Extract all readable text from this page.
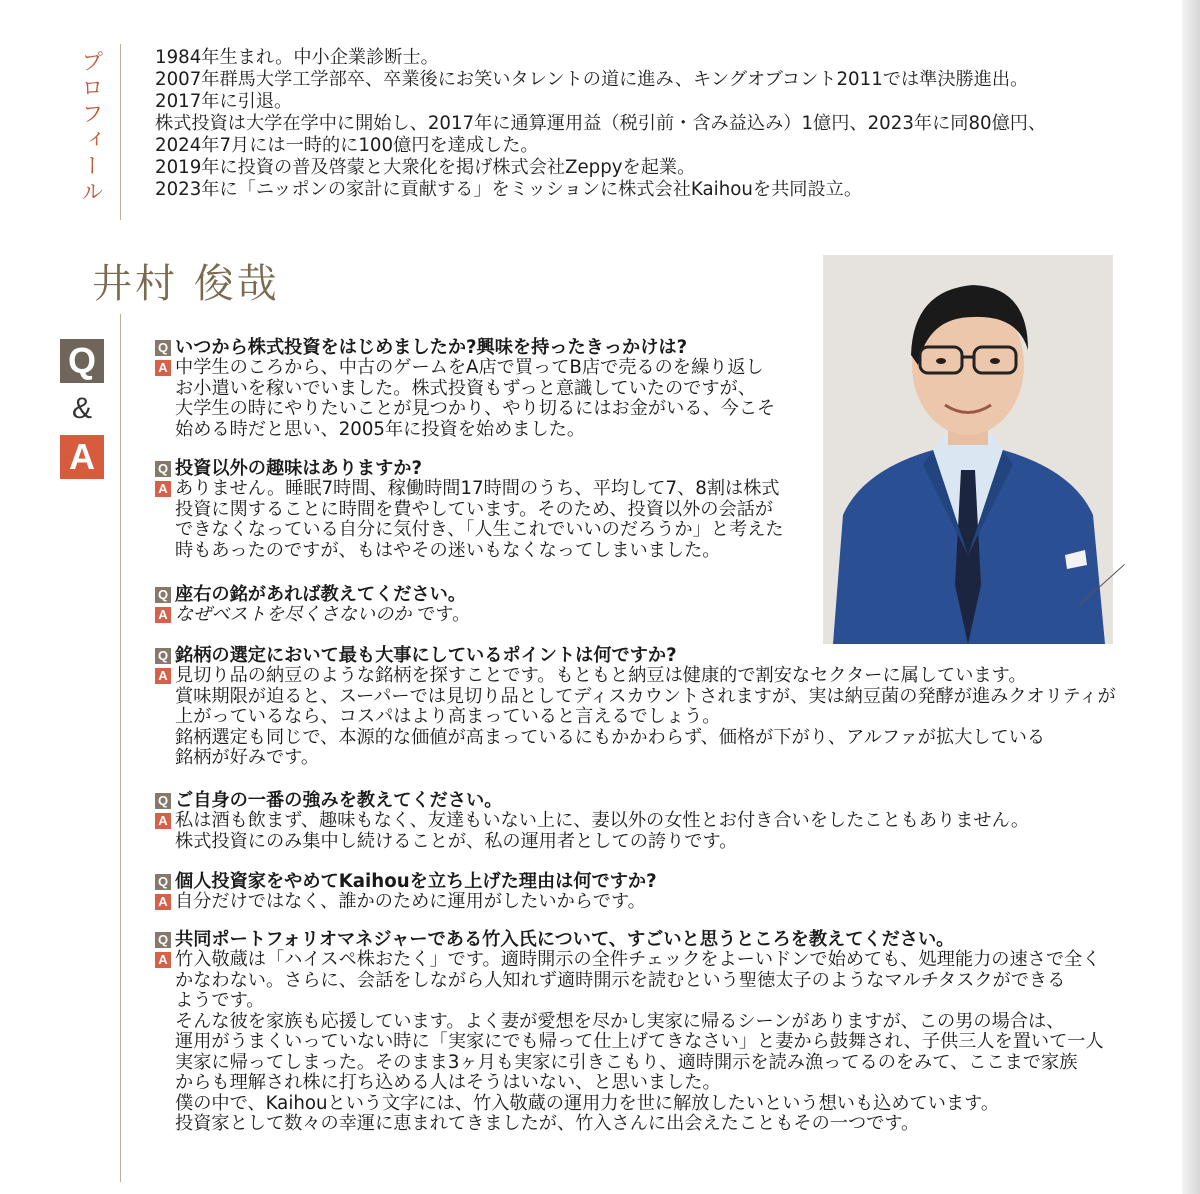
プロフィール	1984年生まれ。中小企業診断士。
2007年群馬大学工学部卒、卒業後にお笑いタレントの道に進み、キングオブコント2011では準決勝進出。
2017年に引退。
株式投資は大学在学中に開始し、2017年に通算運用益（税引前・含み益込み）1億円、2023年に同80億円、
2024年7月には一時的に100億円を達成した。
2019年に投資の普及啓蒙と大衆化を掲げ株式会社Zeppyを起業。
2023年に「ニッポンの家計に貢献する」をミッションに株式会社Kaihouを共同設立。
井村 俊哉
Q
&
A
Q いつから株式投資をはじめましたか?興味を持ったきっかけは?
A 中学生のころから、中古のゲームをA店で買ってB店で売るのを繰り返し
お小遣いを稼いでいました。株式投資もずっと意識していたのですが、
大学生の時にやりたいことが見つかり、やり切るにはお金がいる、今こそ
始める時だと思い、2005年に投資を始めました。
Q 投資以外の趣味はありますか?
A ありません。睡眠7時間、稼働時間17時間のうち、平均して7、8割は株式
投資に関することに時間を費やしています。そのため、投資以外の会話が
できなくなっている自分に気付き、「人生これでいいのだろうか」と考えた
時もあったのですが、もはやその迷いもなくなってしまいました。
Q 座右の銘があれば教えてください。
A なぜベストを尽くさないのか です。
Q 銘柄の選定において最も大事にしているポイントは何ですか?
A 見切り品の納豆のような銘柄を探すことです。もともと納豆は健康的で割安なセクターに属しています。
賞味期限が迫ると、スーパーでは見切り品としてディスカウントされますが、実は納豆菌の発酵が進みクオリティが
上がっているなら、コスパはより高まっていると言えるでしょう。
銘柄選定も同じで、本源的な価値が高まっているにもかかわらず、価格が下がり、アルファが拡大している
銘柄が好みです。
Q ご自身の一番の強みを教えてください。
A 私は酒も飲まず、趣味もなく、友達もいない上に、妻以外の女性とお付き合いをしたこともありません。
株式投資にのみ集中し続けることが、私の運用者としての誇りです。
Q 個人投資家をやめてKaihouを立ち上げた理由は何ですか?
A 自分だけではなく、誰かのために運用がしたいからです。
Q 共同ポートフォリオマネジャーである竹入氏について、すごいと思うところを教えてください。
A 竹入敬蔵は「ハイスペ株おたく」です。適時開示の全件チェックをよーいドンで始めても、処理能力の速さで全く
かなわない。さらに、会話をしながら人知れず適時開示を読むという聖徳太子のようなマルチタスクができる
ようです。
そんな彼を家族も応援しています。よく妻が愛想を尽かし実家に帰るシーンがありますが、この男の場合は、
運用がうまくいっていない時に「実家にでも帰って仕上げてきなさい」と妻から鼓舞され、子供三人を置いて一人
実家に帰ってしまった。そのまま3ヶ月も実家に引きこもり、適時開示を読み漁ってるのをみて、ここまで家族
からも理解され株に打ち込める人はそうはいない、と思いました。
僕の中で、Kaihouという文字には、竹入敬蔵の運用力を世に解放したいという想いも込めています。
投資家として数々の幸運に恵まれてきましたが、竹入さんに出会えたこともその一つです。
